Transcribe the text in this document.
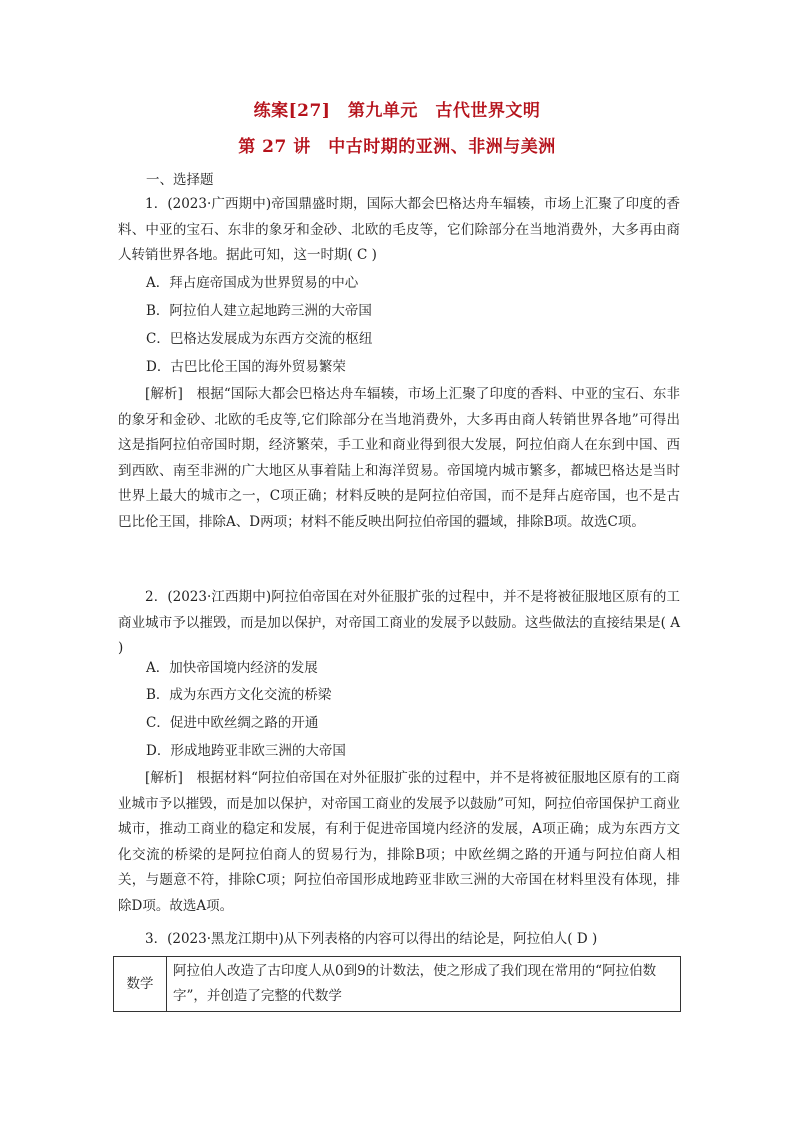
练案[27]　第九单元　古代世界文明
第 27 讲　中古时期的亚洲、非洲与美洲
一、选择题
1．(2023·广西期中)帝国鼎盛时期，国际大都会巴格达舟车辐辏，市场上汇聚了印度的香料、中亚的宝石、东非的象牙和金砂、北欧的毛皮等，它们除部分在当地消费外，大多再由商人转销世界各地。据此可知，这一时期( C )
A．拜占庭帝国成为世界贸易的中心
B．阿拉伯人建立起地跨三洲的大帝国
C．巴格达发展成为东西方交流的枢纽
D．古巴比伦王国的海外贸易繁荣
[解析]　根据“国际大都会巴格达舟车辐辏，市场上汇聚了印度的香料、中亚的宝石、东非的象牙和金砂、北欧的毛皮等,它们除部分在当地消费外，大多再由商人转销世界各地”可得出这是指阿拉伯帝国时期，经济繁荣，手工业和商业得到很大发展，阿拉伯商人在东到中国、西到西欧、南至非洲的广大地区从事着陆上和海洋贸易。帝国境内城市繁多，都城巴格达是当时世界上最大的城市之一，C项正确；材料反映的是阿拉伯帝国，而不是拜占庭帝国，也不是古巴比伦王国，排除A、D两项；材料不能反映出阿拉伯帝国的疆域，排除B项。故选C项。
2．(2023·江西期中)阿拉伯帝国在对外征服扩张的过程中，并不是将被征服地区原有的工商业城市予以摧毁，而是加以保护，对帝国工商业的发展予以鼓励。这些做法的直接结果是( A )
A．加快帝国境内经济的发展
B．成为东西方文化交流的桥梁
C．促进中欧丝绸之路的开通
D．形成地跨亚非欧三洲的大帝国
[解析]　根据材料“阿拉伯帝国在对外征服扩张的过程中，并不是将被征服地区原有的工商业城市予以摧毁，而是加以保护，对帝国工商业的发展予以鼓励”可知，阿拉伯帝国保护工商业城市，推动工商业的稳定和发展，有利于促进帝国境内经济的发展，A项正确；成为东西方文化交流的桥梁的是阿拉伯商人的贸易行为，排除B项；中欧丝绸之路的开通与阿拉伯商人相关，与题意不符，排除C项；阿拉伯帝国形成地跨亚非欧三洲的大帝国在材料里没有体现，排除D项。故选A项。
3．(2023·黑龙江期中)从下列表格的内容可以得出的结论是，阿拉伯人( D )
数学	阿拉伯人改造了古印度人从0到9的计数法，使之形成了我们现在常用的“阿拉伯数字”，并创造了完整的代数学
